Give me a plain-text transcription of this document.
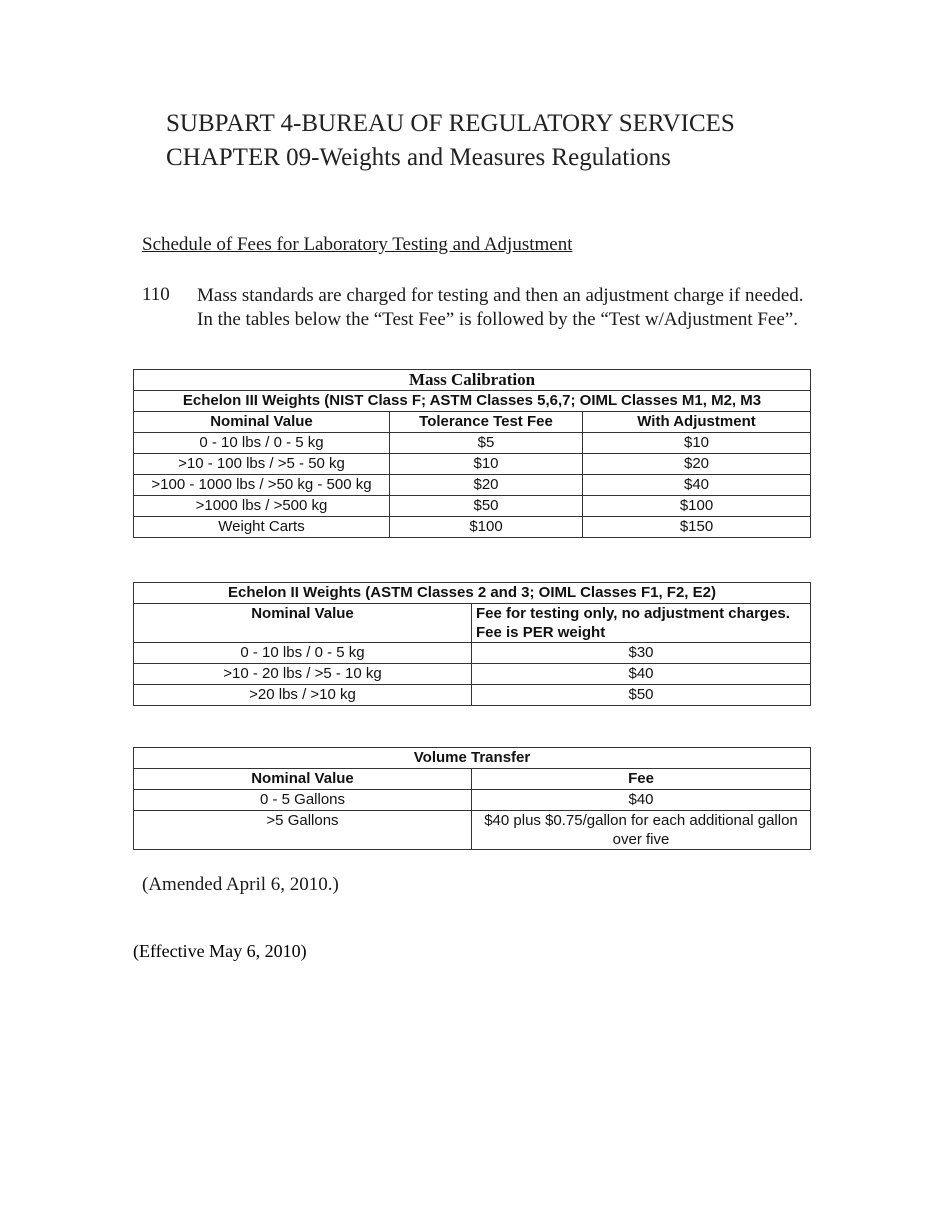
SUBPART 4-BUREAU OF REGULATORY SERVICES
CHAPTER 09-Weights and Measures Regulations
Schedule of Fees for Laboratory Testing and Adjustment
110 Mass standards are charged for testing and then an adjustment charge if needed.
In the tables below the “Test Fee” is followed by the “Test w/Adjustment Fee”.
Mass Calibration		
Echelon III Weights (NIST Class F; ASTM Classes 5,6,7; OIML Classes M1, M2, M3		
Nominal Value	Tolerance Test Fee	With Adjustment
0 - 10 lbs / 0 - 5 kg	$5	$10
>10 - 100 lbs / >5 - 50 kg	$10	$20
>100 - 1000 lbs / >50 kg - 500 kg	$20	$40
>1000 lbs / >500 kg	$50	$100
Weight Carts	$100	$150
Echelon II Weights (ASTM Classes 2 and 3; OIML Classes F1, F2, E2)	
Nominal Value	Fee for testing only, no adjustment charges.
Fee is PER weight

0 - 10 lbs / 0 - 5 kg	$30
>10 - 20 lbs / >5 - 10 kg	$40
>20 lbs / >10 kg	$50
Volume Transfer	
Nominal Value	Fee
0 - 5 Gallons	$40
>5 Gallons	$40 plus $0.75/gallon for each additional gallon
over five
(Amended April 6, 2010.)
(Effective May 6, 2010)
